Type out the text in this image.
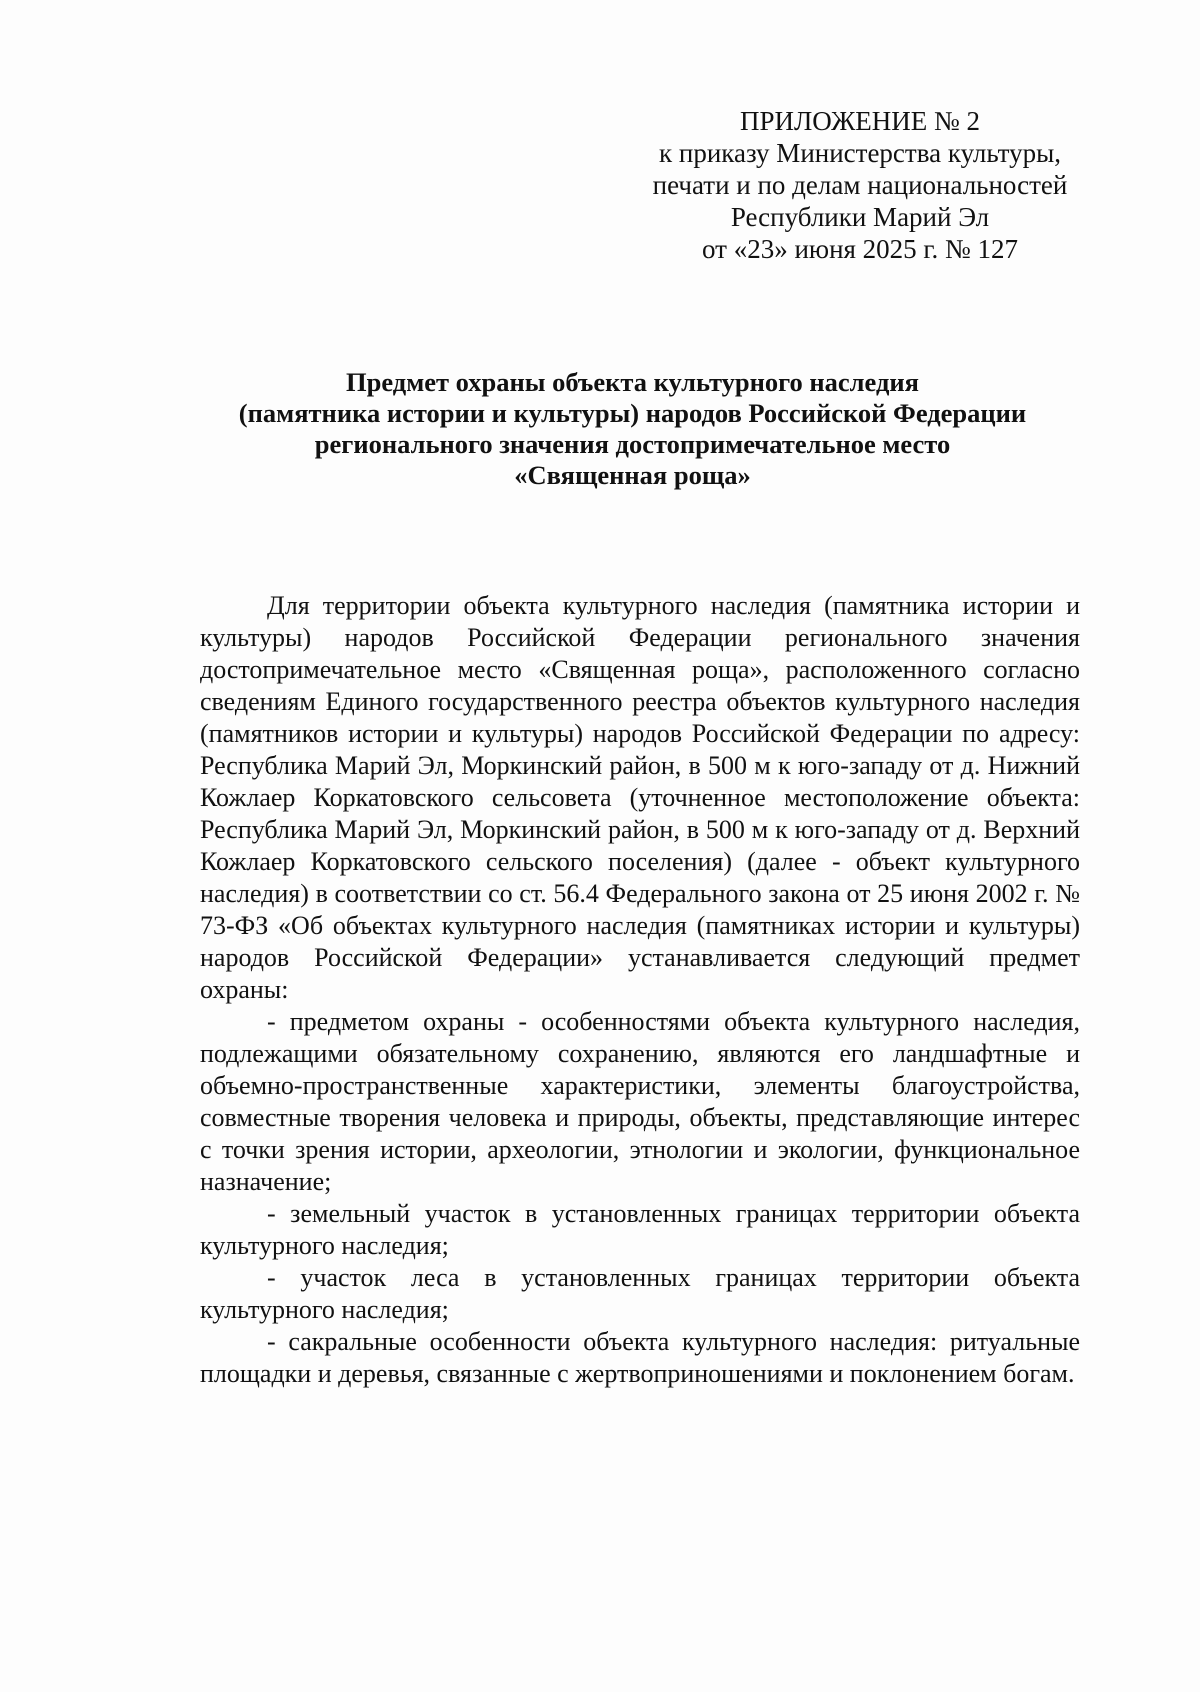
ПРИЛОЖЕНИЕ № 2
к приказу Министерства культуры,
печати и по делам национальностей
Республики Марий Эл
от «23» июня 2025 г. № 127
Предмет охраны объекта культурного наследия
(памятника истории и культуры) народов Российской Федерации
регионального значения достопримечательное место
«Священная роща»

Для территории объекта культурного наследия (памятника истории и культуры) народов Российской Федерации регионального значения достопримечательное место «Священная роща», расположенного согласно сведениям Единого государственного реестра объектов культурного наследия (памятников истории и культуры) народов Российской Федерации по адресу: Республика Марий Эл, Моркинский район, в 500 м к юго-западу от д. Нижний Кожлаер Коркатовского сельсовета (уточненное местоположение объекта: Республика Марий Эл, Моркинский район, в 500 м к юго-западу от д. Верхний Кожлаер Коркатовского сельского поселения) (далее - объект культурного наследия) в соответствии со ст. 56.4 Федерального закона от 25 июня 2002 г. № 73-ФЗ «Об объектах культурного наследия (памятниках истории и культуры) народов Российской Федерации» устанавливается следующий предмет охраны:

- предметом охраны - особенностями объекта культурного наследия, подлежащими обязательному сохранению, являются его ландшафтные и объемно-пространственные характеристики, элементы благоустройства, совместные творения человека и природы, объекты, представляющие интерес с точки зрения истории, археологии, этнологии и экологии, функциональное назначение;

- земельный участок в установленных границах территории объекта культурного наследия;

- участок леса в установленных границах территории объекта культурного наследия;

- сакральные особенности объекта культурного наследия: ритуальные площадки и деревья, связанные с жертвоприношениями и поклонением богам.
